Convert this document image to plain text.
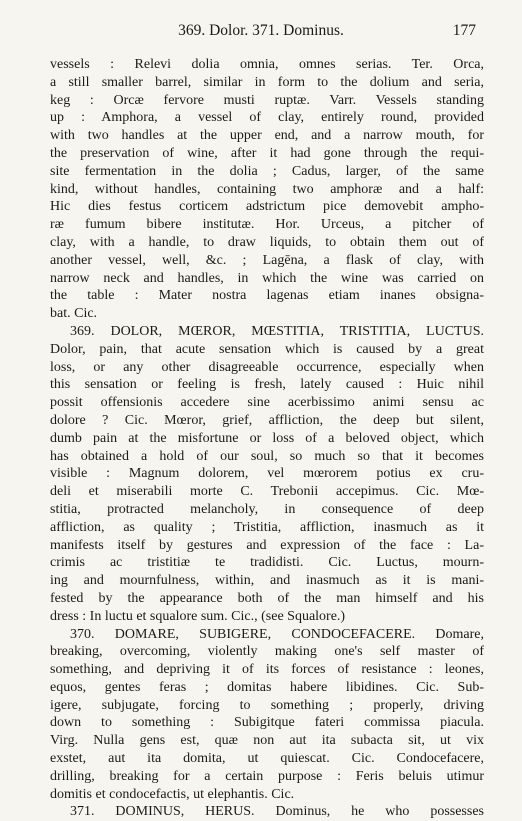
369. Dolor. 371. Dominus.	177
vessels : Relevi dolia omnia, omnes serias. Ter. Orca,
a still smaller barrel, similar in form to the dolium and seria,
keg : Orcæ fervore musti ruptæ. Varr. Vessels standing
up : Amphora, a vessel of clay, entirely round, provided
with two handles at the upper end, and a narrow mouth, for
the preservation of wine, after it had gone through the requi-
site fermentation in the dolia ; Cadus, larger, of the same
kind, without handles, containing two amphoræ and a half:
Hic dies festus corticem adstrictum pice demovebit ampho-
ræ fumum bibere institutæ. Hor. Urceus, a pitcher of
clay, with a handle, to draw liquids, to obtain them out of
another vessel, well, &c. ; Lagēna, a flask of clay, with
narrow neck and handles, in which the wine was carried on
the table : Mater nostra lagenas etiam inanes obsigna-
bat. Cic.
369. DOLOR, MŒROR, MŒSTITIA, TRISTITIA, LUCTUS.
Dolor, pain, that acute sensation which is caused by a great
loss, or any other disagreeable occurrence, especially when
this sensation or feeling is fresh, lately caused : Huic nihil
possit offensionis accedere sine acerbissimo animi sensu ac
dolore ? Cic. Mœror, grief, affliction, the deep but silent,
dumb pain at the misfortune or loss of a beloved object, which
has obtained a hold of our soul, so much so that it becomes
visible : Magnum dolorem, vel mœrorem potius ex cru-
deli et miserabili morte C. Trebonii accepimus. Cic. Mœ-
stitia, protracted melancholy, in consequence of deep
affliction, as quality ; Tristitia, affliction, inasmuch as it
manifests itself by gestures and expression of the face : La-
crimis ac tristitiæ te tradidisti. Cic. Luctus, mourn-
ing and mournfulness, within, and inasmuch as it is mani-
fested by the appearance both of the man himself and his
dress : In luctu et squalore sum. Cic., (see Squalore.)
370. DOMARE, SUBIGERE, CONDOCEFACERE. Domare,
breaking, overcoming, violently making one's self master of
something, and depriving it of its forces of resistance : leones,
equos, gentes feras ; domitas habere libidines. Cic. Sub-
igere, subjugate, forcing to something ; properly, driving
down to something : Subigitque fateri commissa piacula.
Virg. Nulla gens est, quæ non aut ita subacta sit, ut vix
exstet, aut ita domita, ut quiescat. Cic. Condocefacere,
drilling, breaking for a certain purpose : Feris beluis utimur
domitis et condocefactis, ut elephantis. Cic.
371. DOMINUS, HERUS. Dominus, he who possesses
